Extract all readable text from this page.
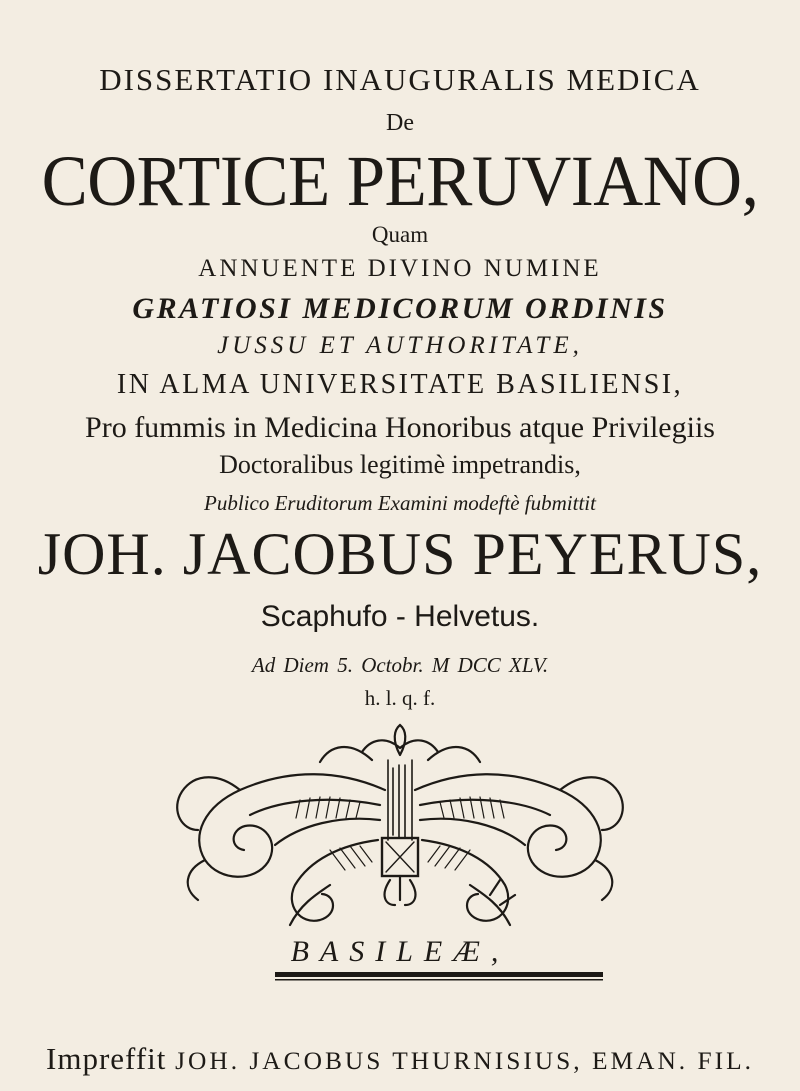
DISSERTATIO INAUGURALIS MEDICA
De
CORTICE PERUVIANO,
Quam
ANNUENTE DIVINO NUMINE
GRATIOSI MEDICORUM ORDINIS
JUSSU ET AUTHORITATE,
IN ALMA UNIVERSITATE BASILIENSI,
Pro fummis in Medicina Honoribus atque Privilegiis
Doctoralibus legitimè impetrandis,
Publico Eruditorum Examini modeftè fubmittit
JOH. JACOBUS PEYERUS,
Scaphufo - Helvetus.
Ad Diem 5. Octobr. M DCC XLV.
h. l. q. f.
BASILEÆ,
Impreffit JOH. JACOBUS THURNISIUS, EMAN. FIL.
